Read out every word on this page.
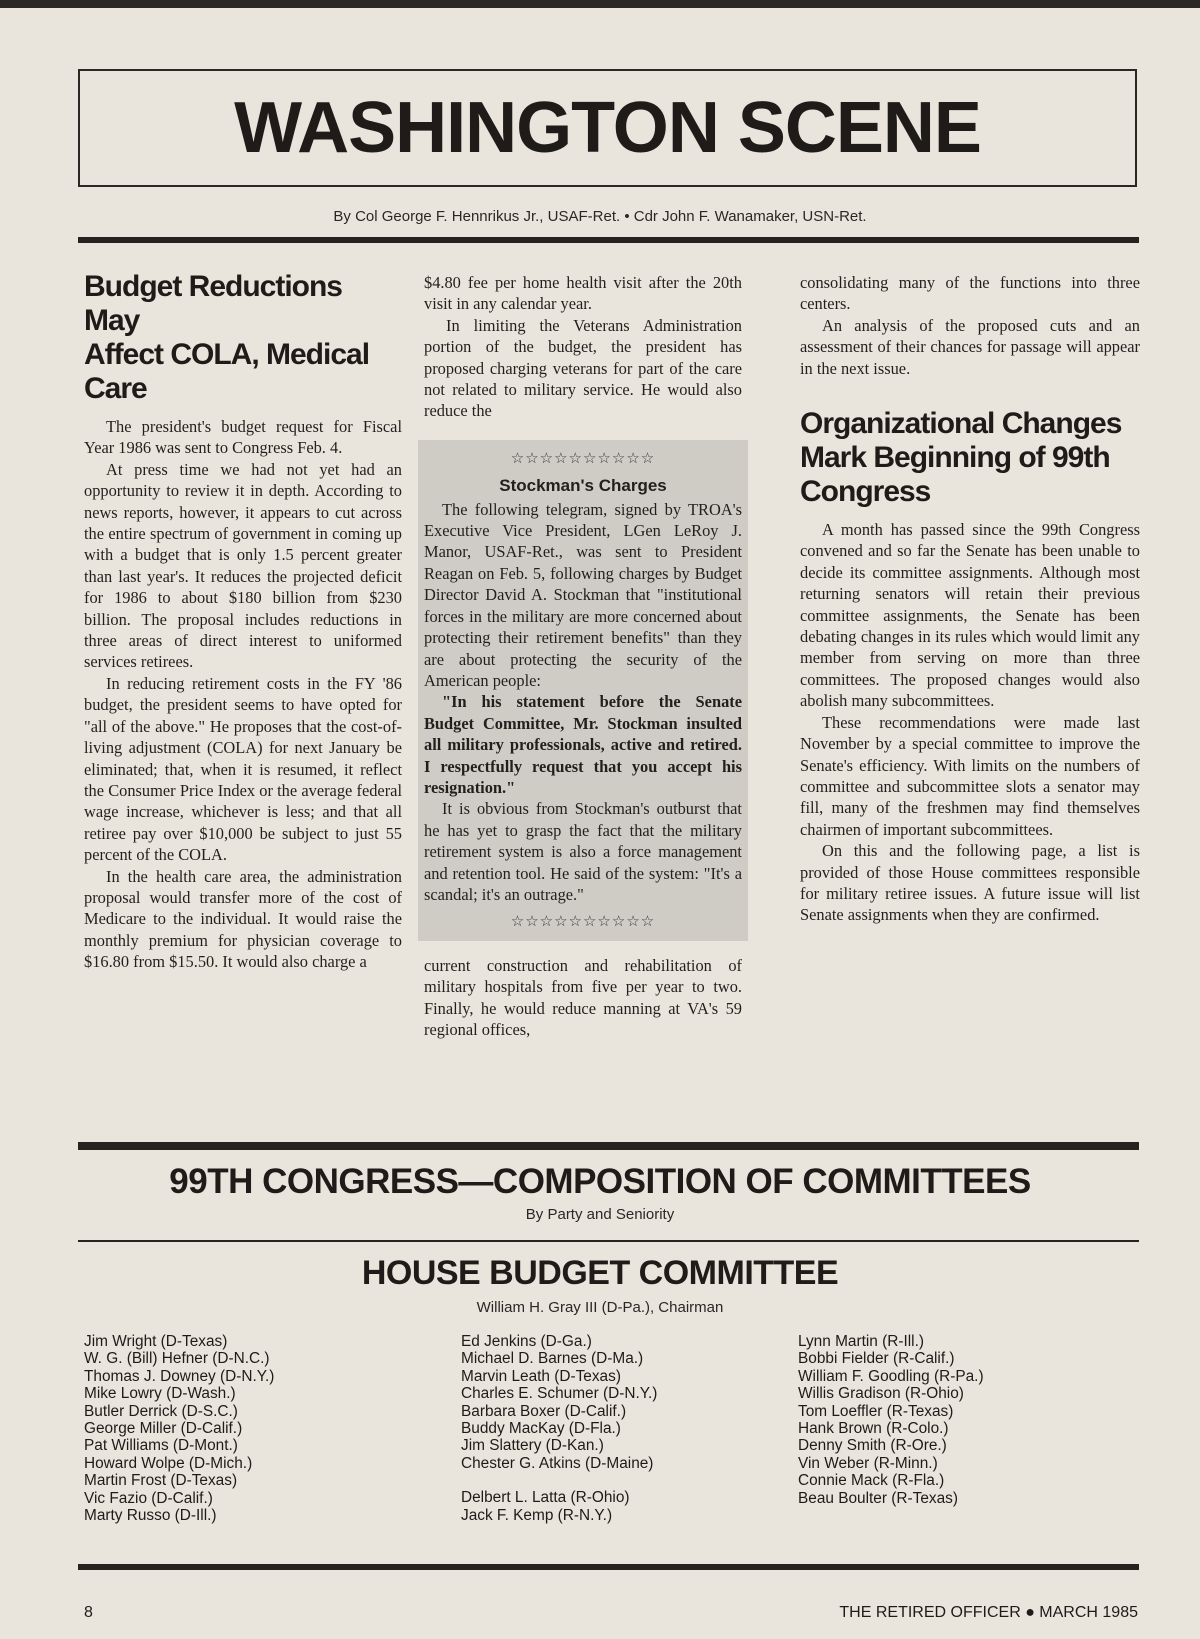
WASHINGTON SCENE
By Col George F. Hennrikus Jr., USAF-Ret. • Cdr John F. Wanamaker, USN-Ret.
Budget Reductions May
Affect COLA, Medical Care

The president's budget request for Fiscal Year 1986 was sent to Congress Feb. 4.

At press time we had not yet had an opportunity to review it in depth. According to news reports, however, it appears to cut across the entire spectrum of government in coming up with a budget that is only 1.5 percent greater than last year's. It reduces the projected deficit for 1986 to about $180 billion from $230 billion. The proposal includes reductions in three areas of direct interest to uniformed services retirees.

In reducing retirement costs in the FY '86 budget, the president seems to have opted for "all of the above." He proposes that the cost-of-living adjustment (COLA) for next January be eliminated; that, when it is resumed, it reflect the Consumer Price Index or the average federal wage increase, whichever is less; and that all retiree pay over $10,000 be subject to just 55 percent of the COLA.

In the health care area, the administration proposal would transfer more of the cost of Medicare to the individual. It would raise the monthly premium for physician coverage to $16.80 from $15.50. It would also charge a

$4.80 fee per home health visit after the 20th visit in any calendar year.

In limiting the Veterans Administration portion of the budget, the president has proposed charging veterans for part of the care not related to military service. He would also reduce the

☆☆☆☆☆☆☆☆☆☆
Stockman's Charges

The following telegram, signed by TROA's Executive Vice President, LGen LeRoy J. Manor, USAF-Ret., was sent to President Reagan on Feb. 5, following charges by Budget Director David A. Stockman that "institutional forces in the military are more concerned about protecting their retirement benefits" than they are about protecting the security of the American people:

"In his statement before the Senate Budget Committee, Mr. Stockman insulted all military professionals, active and retired. I respectfully request that you accept his resignation."

It is obvious from Stockman's outburst that he has yet to grasp the fact that the military retirement system is also a force management and retention tool. He said of the system: "It's a scandal; it's an outrage."

☆☆☆☆☆☆☆☆☆☆

current construction and rehabilitation of military hospitals from five per year to two. Finally, he would reduce manning at VA's 59 regional offices,

consolidating many of the functions into three centers.

An analysis of the proposed cuts and an assessment of their chances for passage will appear in the next issue.

Organizational Changes
Mark Beginning of 99th
Congress

A month has passed since the 99th Congress convened and so far the Senate has been unable to decide its committee assignments. Although most returning senators will retain their previous committee assignments, the Senate has been debating changes in its rules which would limit any member from serving on more than three committees. The proposed changes would also abolish many subcommittees.

These recommendations were made last November by a special committee to improve the Senate's efficiency. With limits on the numbers of committee and subcommittee slots a senator may fill, many of the freshmen may find themselves chairmen of important subcommittees.

On this and the following page, a list is provided of those House committees responsible for military retiree issues. A future issue will list Senate assignments when they are confirmed.

99TH CONGRESS—COMPOSITION OF COMMITTEES
By Party and Seniority
HOUSE BUDGET COMMITTEE
William H. Gray III (D-Pa.), Chairman
Jim Wright (D-Texas)
W. G. (Bill) Hefner (D-N.C.)
Thomas J. Downey (D-N.Y.)
Mike Lowry (D-Wash.)
Butler Derrick (D-S.C.)
George Miller (D-Calif.)
Pat Williams (D-Mont.)
Howard Wolpe (D-Mich.)
Martin Frost (D-Texas)
Vic Fazio (D-Calif.)
Marty Russo (D-Ill.)
Ed Jenkins (D-Ga.)
Michael D. Barnes (D-Ma.)
Marvin Leath (D-Texas)
Charles E. Schumer (D-N.Y.)
Barbara Boxer (D-Calif.)
Buddy MacKay (D-Fla.)
Jim Slattery (D-Kan.)
Chester G. Atkins (D-Maine)
Delbert L. Latta (R-Ohio)
Jack F. Kemp (R-N.Y.)
Lynn Martin (R-Ill.)
Bobbi Fielder (R-Calif.)
William F. Goodling (R-Pa.)
Willis Gradison (R-Ohio)
Tom Loeffler (R-Texas)
Hank Brown (R-Colo.)
Denny Smith (R-Ore.)
Vin Weber (R-Minn.)
Connie Mack (R-Fla.)
Beau Boulter (R-Texas)
8	THE RETIRED OFFICER ● MARCH 1985
